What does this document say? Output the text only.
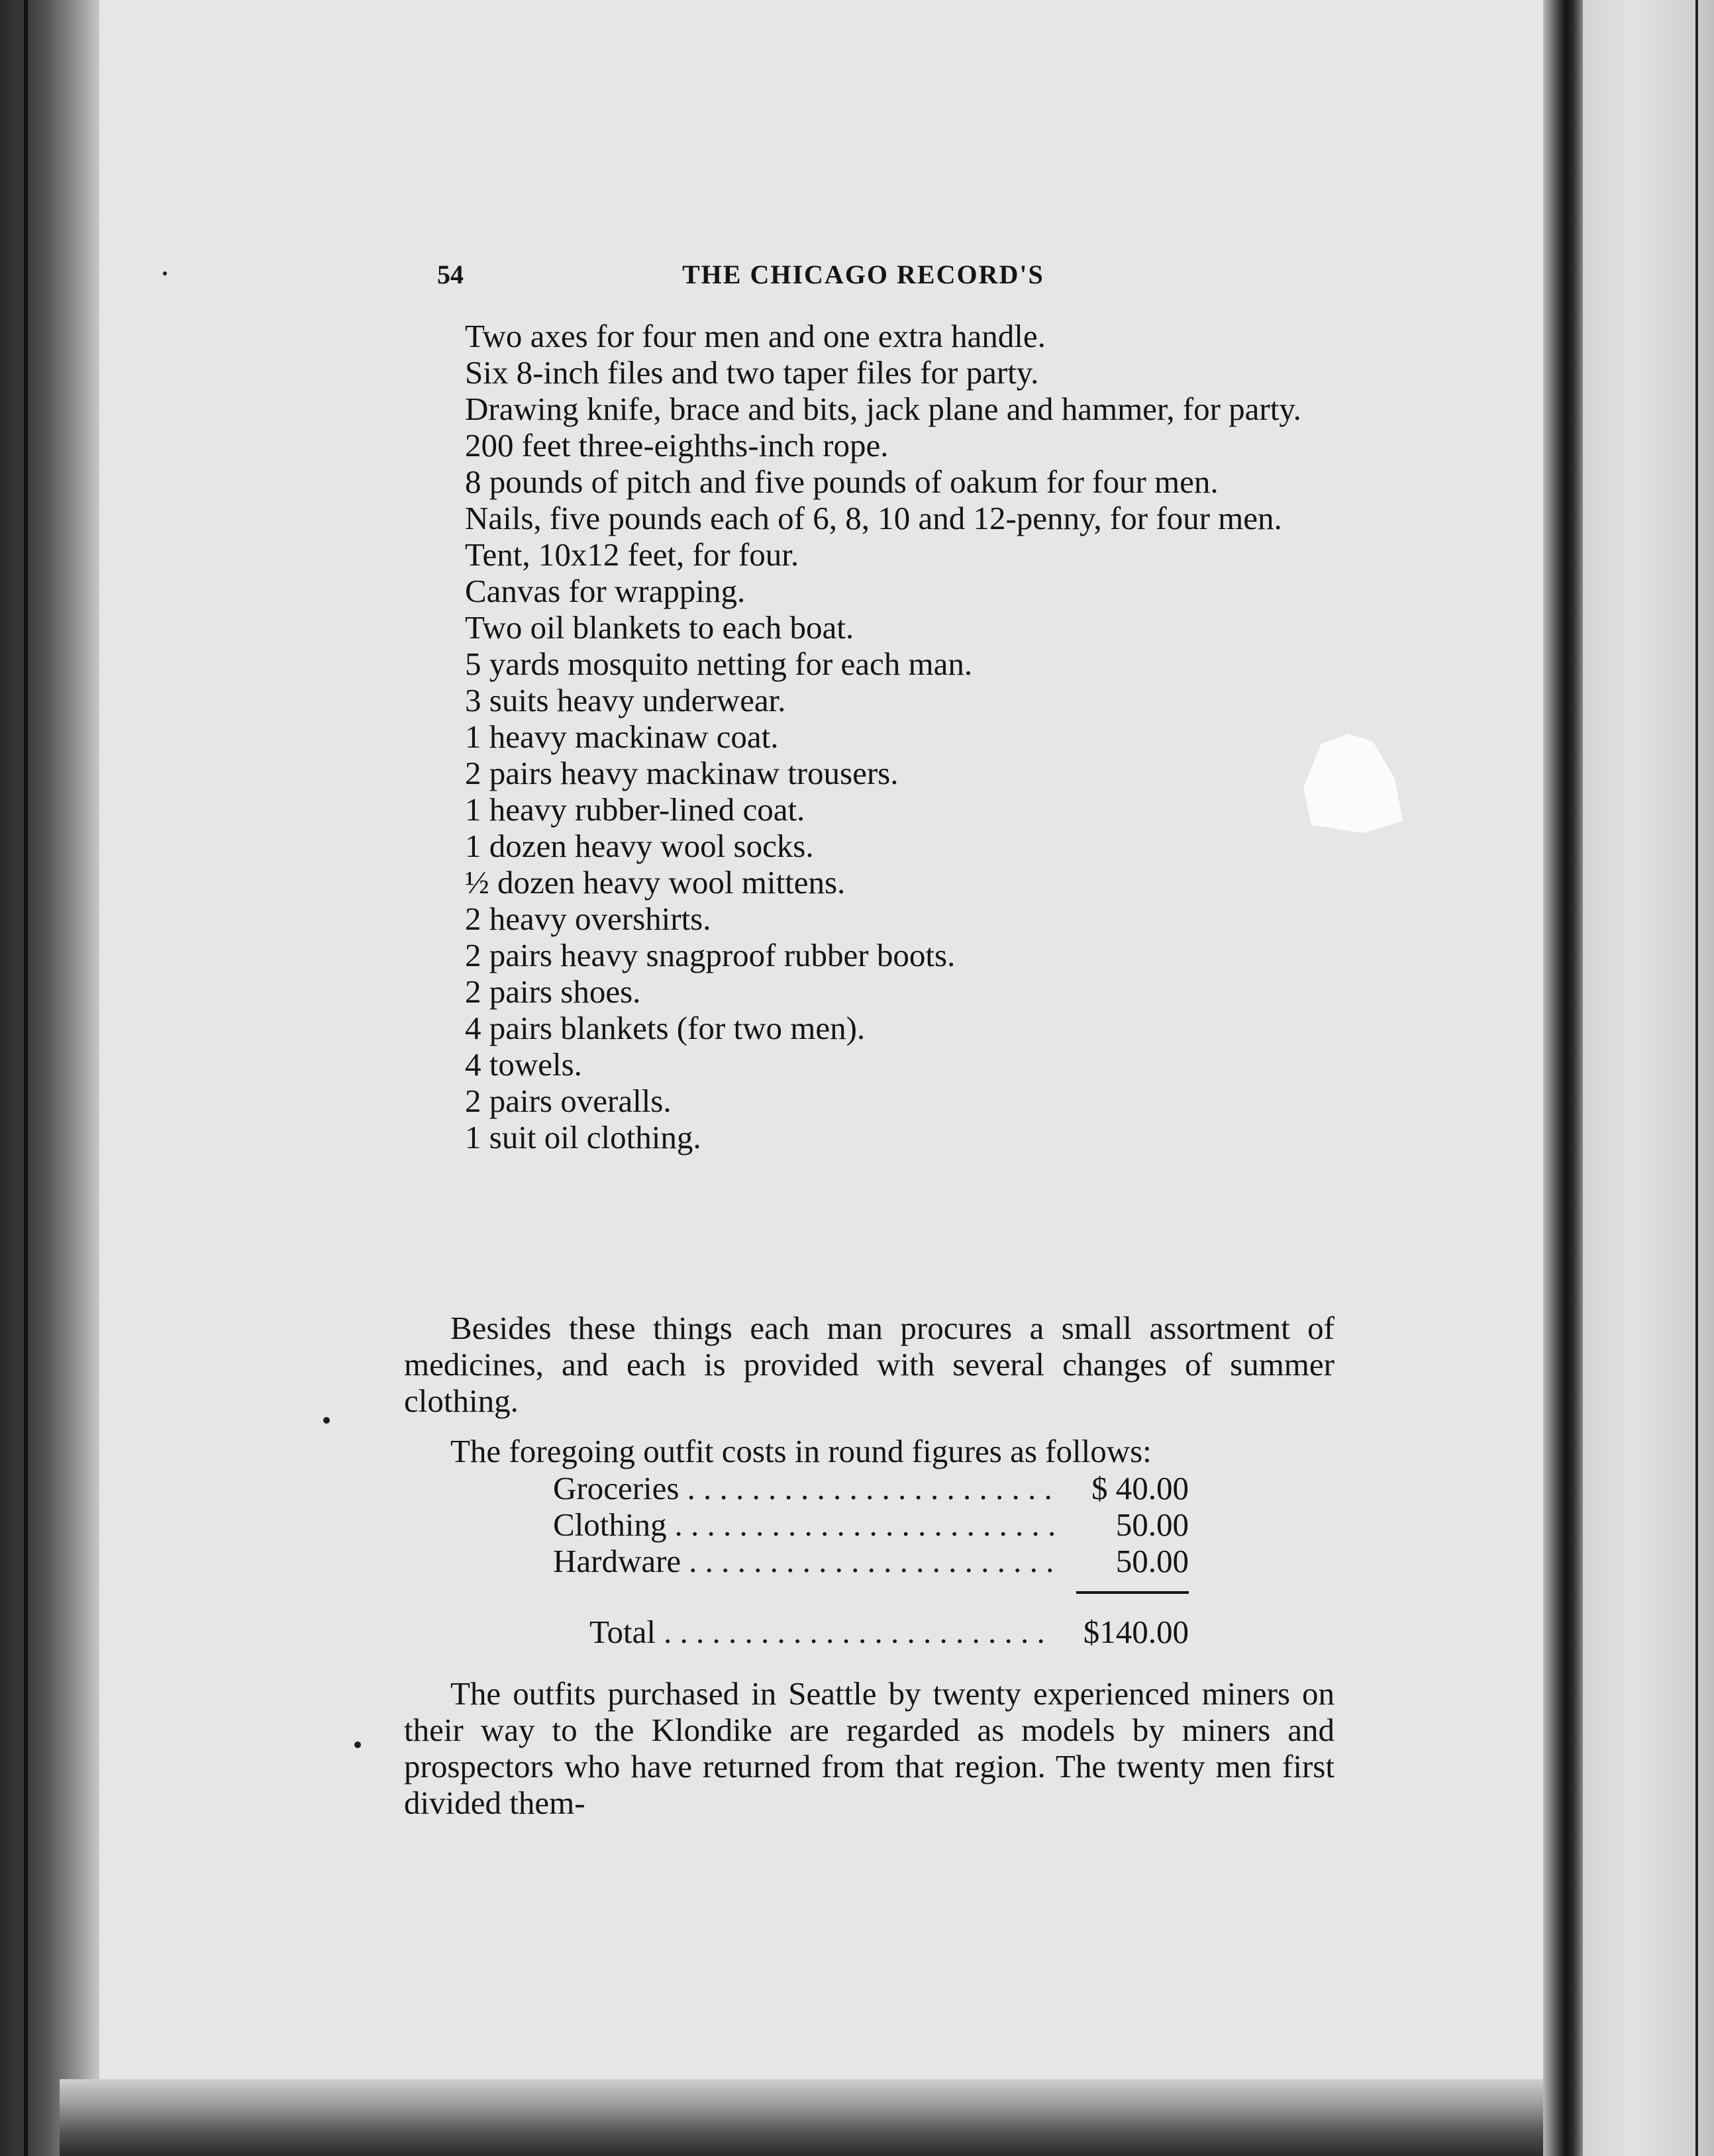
54	THE CHICAGO RECORD'S

Two axes for four men and one extra handle.

Six 8-inch files and two taper files for party.

Drawing knife, brace and bits, jack plane and hammer, for party.

200 feet three-eighths-inch rope.

8 pounds of pitch and five pounds of oakum for four men.

Nails, five pounds each of 6, 8, 10 and 12-penny, for four men.

Tent, 10x12 feet, for four.

Canvas for wrapping.

Two oil blankets to each boat.

5 yards mosquito netting for each man.

3 suits heavy underwear.

1 heavy mackinaw coat.

2 pairs heavy mackinaw trousers.

1 heavy rubber-lined coat.

1 dozen heavy wool socks.

½ dozen heavy wool mittens.

2 heavy overshirts.

2 pairs heavy snagproof rubber boots.

2 pairs shoes.

4 pairs blankets (for two men).

4 towels.

2 pairs overalls.

1 suit oil clothing.

Besides these things each man procures a small assortment of medicines, and each is provided with several changes of summer clothing.

The foregoing outfit costs in round figures as follows:

Groceries . . .	$ 40.00
Clothing . . .	50.00
Hardware . . .	50.00
Total . . .	$140.00

The outfits purchased in Seattle by twenty experienced miners on their way to the Klondike are regarded as models by miners and prospectors who have returned from that region. The twenty men first divided them-
